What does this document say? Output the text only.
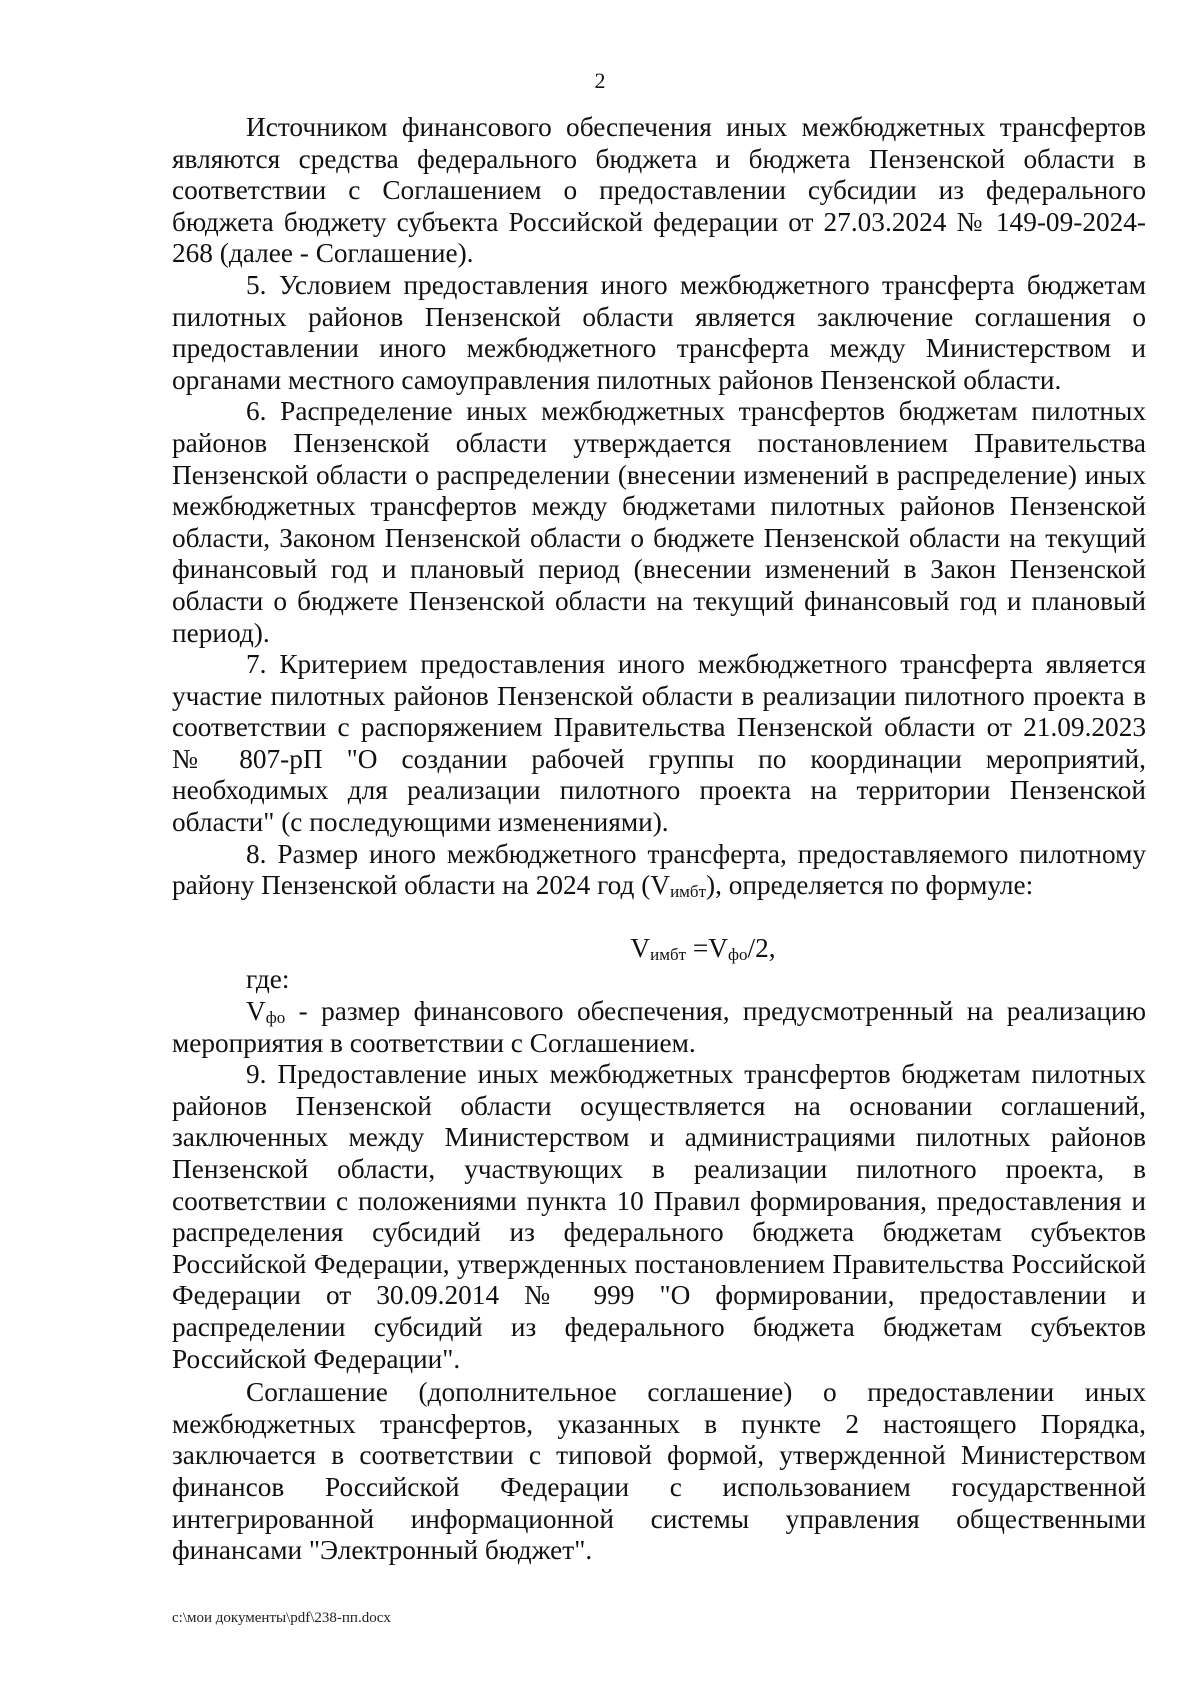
2

Источником финансового обеспечения иных межбюджетных трансфертов являются средства федерального бюджета и бюджета Пензенской области в соответствии с Соглашением о предоставлении субсидии из федерального бюджета бюджету субъекта Российской федерации от 27.03.2024 № 149-09-2024-268 (далее - Соглашение).

5. Условием предоставления иного межбюджетного трансферта бюджетам пилотных районов Пензенской области является заключение соглашения о предоставлении иного межбюджетного трансферта между Министерством и органами местного самоуправления пилотных районов Пензенской области.

6. Распределение иных межбюджетных трансфертов бюджетам пилотных районов Пензенской области утверждается постановлением Правительства Пензенской области о распределении (внесении изменений в распределение) иных межбюджетных трансфертов между бюджетами пилотных районов Пензенской области, Законом Пензенской области о бюджете Пензенской области на текущий финансовый год и плановый период (внесении изменений в Закон Пензенской области о бюджете Пензенской области на текущий финансовый год и плановый период).

7. Критерием предоставления иного межбюджетного трансферта является участие пилотных районов Пензенской области в реализации пилотного проекта в соответствии с распоряжением Правительства Пензенской области от 21.09.2023 № 807-рП "О создании рабочей группы по координации мероприятий, необходимых для реализации пилотного проекта на территории Пензенской области" (с последующими изменениями).

8. Размер иного межбюджетного трансферта, предоставляемого пилотному району Пензенской области на 2024 год $(V_{имбт})$, определяется по формуле:

$V_{имбт} =V_{фо}/2$,

где:

$V_{фо}$ - размер финансового обеспечения, предусмотренный на реализацию мероприятия в соответствии с Соглашением.

9. Предоставление иных межбюджетных трансфертов бюджетам пилотных районов Пензенской области осуществляется на основании соглашений, заключенных между Министерством и администрациями пилотных районов Пензенской области, участвующих в реализации пилотного проекта, в соответствии с положениями пункта 10 Правил формирования, предоставления и распределения субсидий из федерального бюджета бюджетам субъектов Российской Федерации, утвержденных постановлением Правительства Российской Федерации от 30.09.2014 № 999 "О формировании, предоставлении и распределении субсидий из федерального бюджета бюджетам субъектов Российской Федерации".

Соглашение (дополнительное соглашение) о предоставлении иных межбюджетных трансфертов, указанных в пункте 2 настоящего Порядка, заключается в соответствии с типовой формой, утвержденной Министерством финансов Российской Федерации с использованием государственной интегрированной информационной системы управления общественными финансами "Электронный бюджет".

c:\мои документы\pdf\238-пп.docx
